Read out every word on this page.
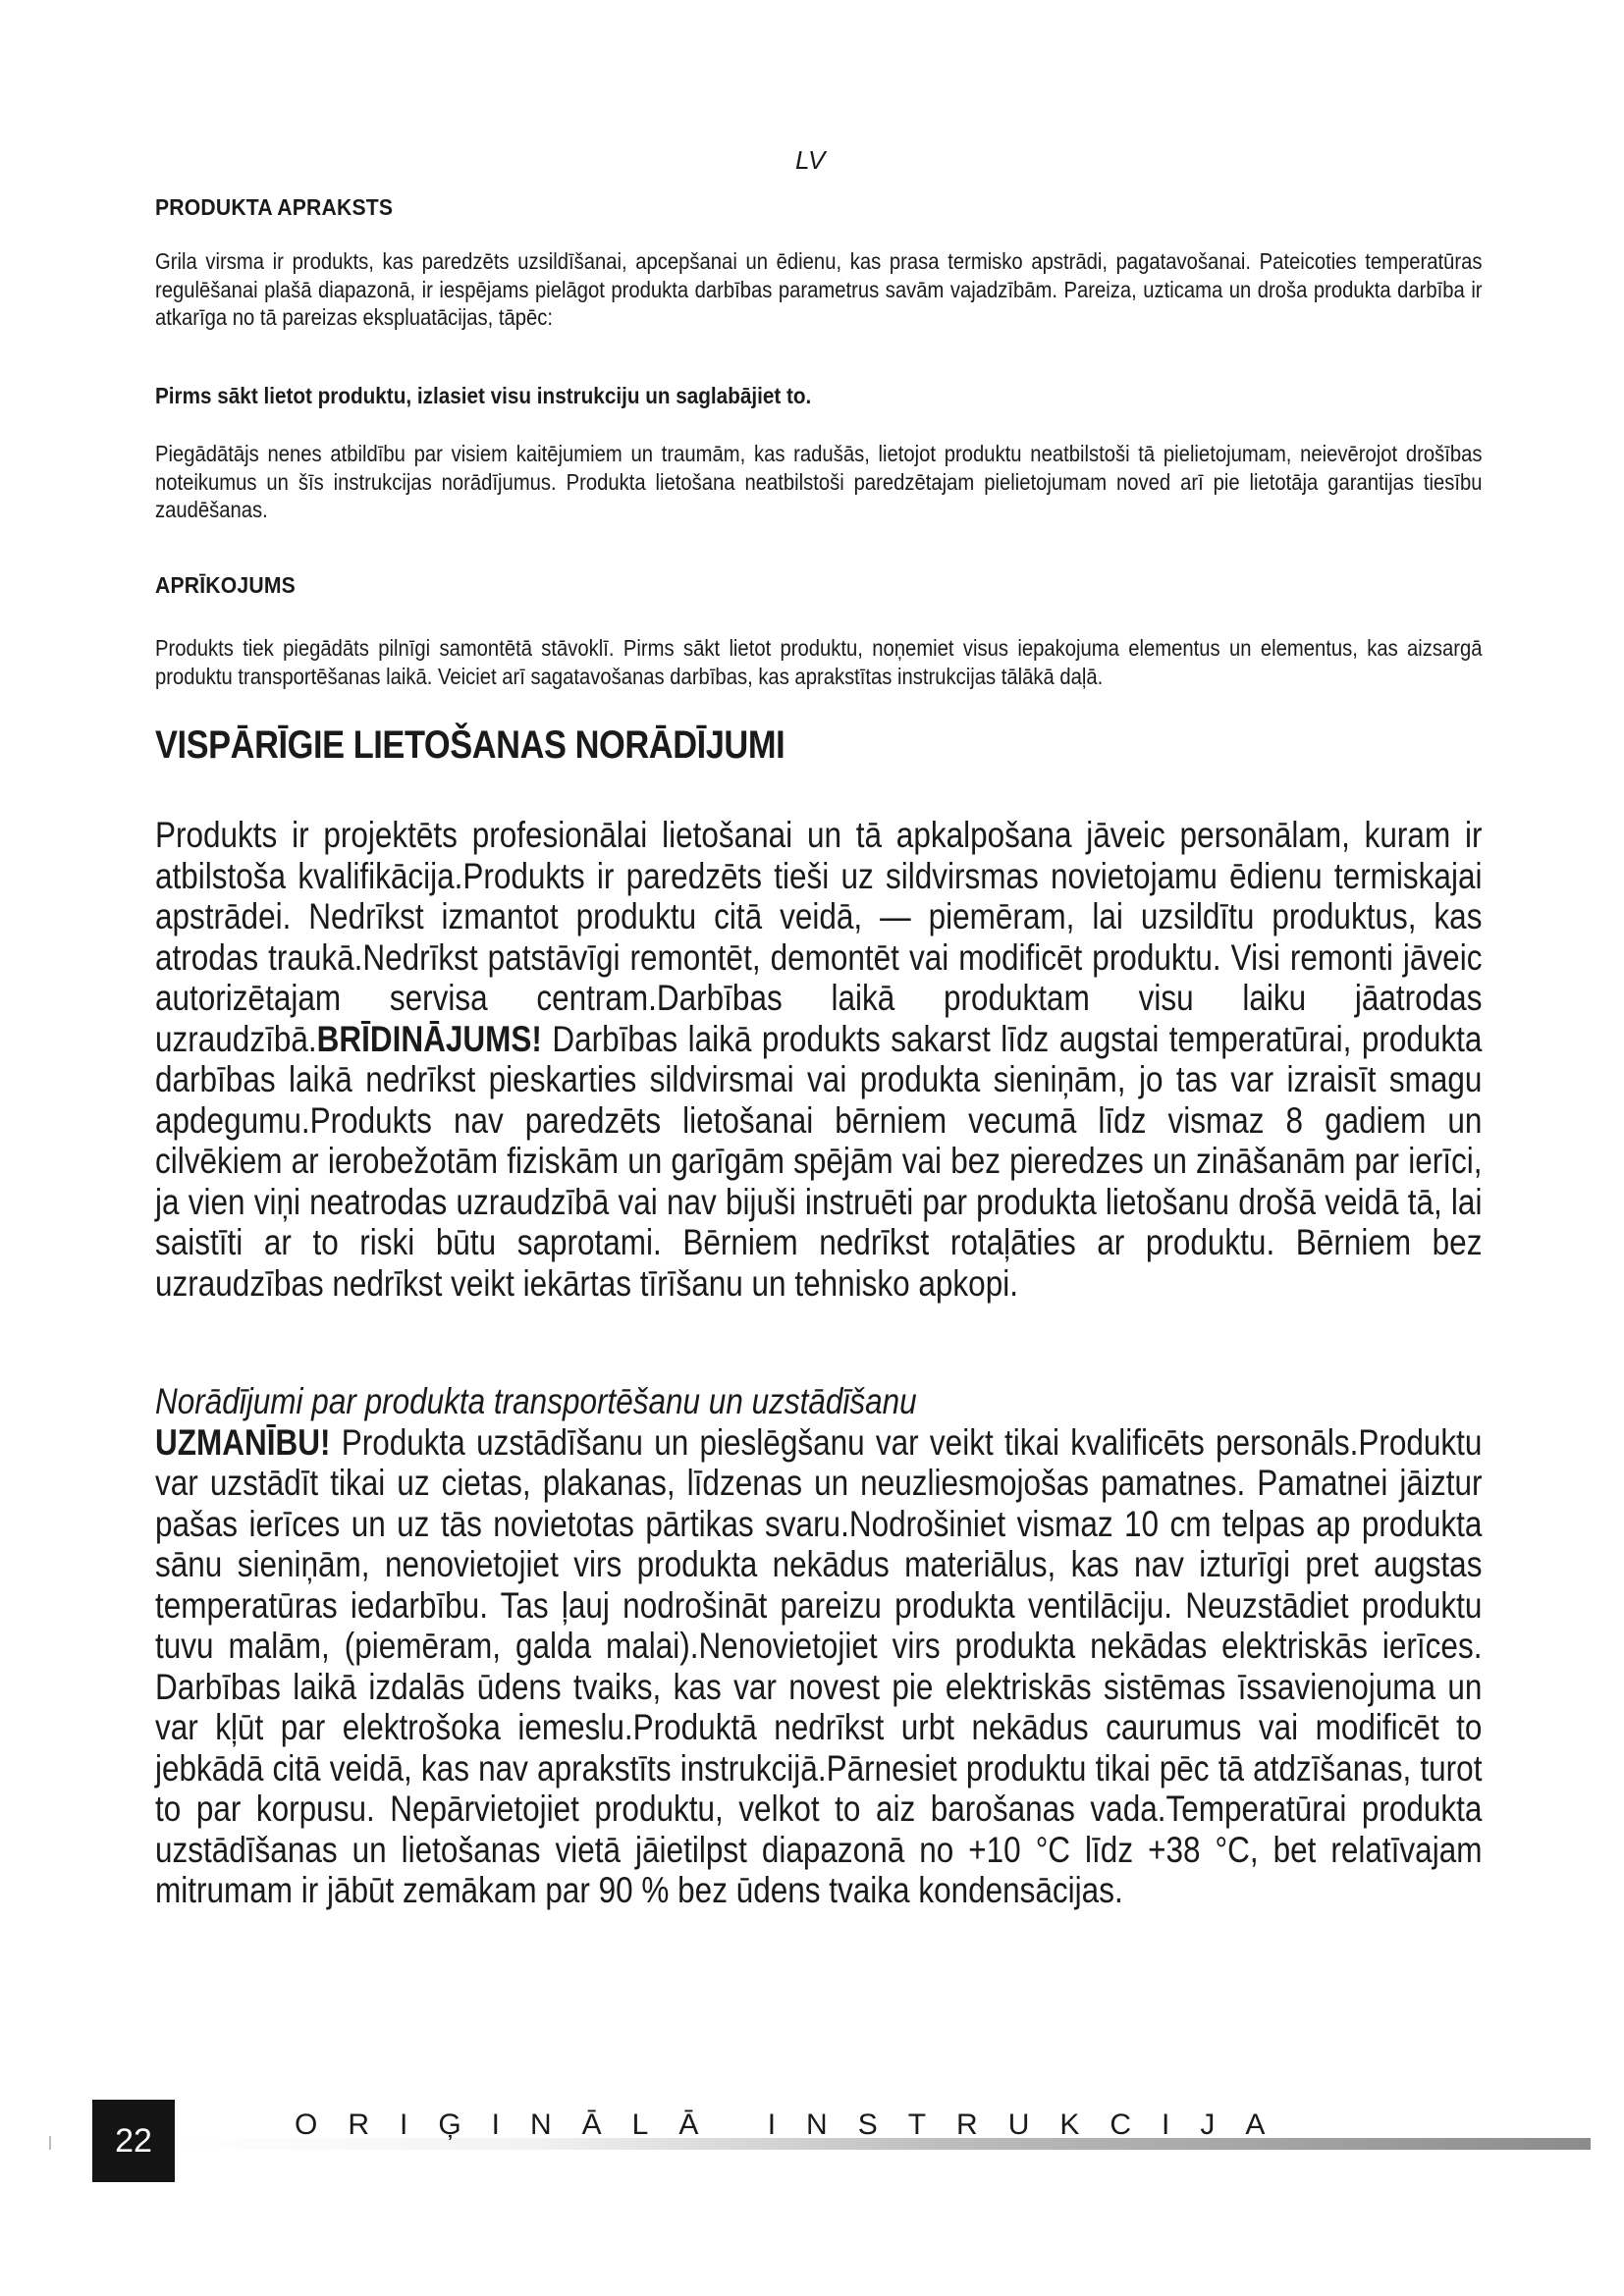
LV
PRODUKTA APRAKSTS

Grila virsma ir produkts, kas paredzēts uzsildīšanai, apcepšanai un ēdienu, kas prasa termisko apstrādi, pagatavošanai. Pateicoties temperatūras regulēšanai plašā diapazonā, ir iespējams pielāgot produkta darbības parametrus savām vajadzībām. Pareiza, uzticama un droša produkta darbība ir atkarīga no tā pareizas ekspluatācijas, tāpēc:

Pirms sākt lietot produktu, izlasiet visu instrukciju un saglabājiet to.

Piegādātājs nenes atbildību par visiem kaitējumiem un traumām, kas radušās, lietojot produktu neatbilstoši tā pielietojumam, neievērojot drošības noteikumus un šīs instrukcijas norādījumus. Produkta lietošana neatbilstoši paredzētajam pielietojumam noved arī pie lietotāja garantijas tiesību zaudēšanas.

APRĪKOJUMS

Produkts tiek piegādāts pilnīgi samontētā stāvoklī. Pirms sākt lietot produktu, noņemiet visus iepakojuma elementus un elementus, kas aizsargā produktu transportēšanas laikā. Veiciet arī sagatavošanas darbības, kas aprakstītas instrukcijas tālākā daļā.

VISPĀRĪGIE LIETOŠANAS NORĀDĪJUMI

Produkts ir projektēts profesionālai lietošanai un tā apkalpošana jāveic personālam, kuram ir atbilstoša kvalifikācija.Produkts ir paredzēts tieši uz sildvirsmas novietojamu ēdienu termiskajai apstrādei. Nedrīkst izmantot produktu citā veidā, — piemēram, lai uzsildītu produktus, kas atrodas traukā.Nedrīkst patstāvīgi remontēt, demontēt vai modificēt produktu. Visi remonti jāveic autorizētajam servisa centram.Darbības laikā produktam visu laiku jāatrodas uzraudzībā.BRĪDINĀJUMS! Darbības laikā produkts sakarst līdz augstai temperatūrai, produkta darbības laikā nedrīkst pieskarties sildvirsmai vai produkta sieniņām, jo tas var izraisīt smagu apdegumu.Produkts nav paredzēts lietošanai bērniem vecumā līdz vismaz 8 gadiem un cilvēkiem ar ierobežotām fiziskām un garīgām spējām vai bez pieredzes un zināšanām par ierīci, ja vien viņi neatrodas uzraudzībā vai nav bijuši instruēti par produkta lietošanu drošā veidā tā, lai saistīti ar to riski būtu saprotami. Bērniem nedrīkst rotaļāties ar produktu. Bērniem bez uzraudzības nedrīkst veikt iekārtas tīrīšanu un tehnisko apkopi.

Norādījumi par produkta transportēšanu un uzstādīšanu

UZMANĪBU! Produkta uzstādīšanu un pieslēgšanu var veikt tikai kvalificēts personāls.Produktu var uzstādīt tikai uz cietas, plakanas, līdzenas un neuzliesmojošas pamatnes. Pamatnei jāiztur pašas ierīces un uz tās novietotas pārtikas svaru.Nodrošiniet vismaz 10 cm telpas ap produkta sānu sieniņām, nenovietojiet virs produkta nekādus materiālus, kas nav izturīgi pret augstas temperatūras iedarbību. Tas ļauj nodrošināt pareizu produkta ventilāciju. Neuzstādiet produktu tuvu malām, (piemēram, galda malai).Nenovietojiet virs produkta nekādas elektriskās ierīces. Darbības laikā izdalās ūdens tvaiks, kas var novest pie elektriskās sistēmas īssavienojuma un var kļūt par elektrošoka iemeslu.Produktā nedrīkst urbt nekādus caurumus vai modificēt to jebkādā citā veidā, kas nav aprakstīts instrukcijā.Pārnesiet produktu tikai pēc tā atdzīšanas, turot to par korpusu. Nepārvietojiet produktu, velkot to aiz barošanas vada.Temperatūrai produkta uzstādīšanas un lietošanas vietā jāietilpst diapazonā no +10 °C līdz +38 °C, bet relatīvajam mitrumam ir jābūt zemākam par 90 % bez ūdens tvaika kondensācijas.

22	ORIĢINĀLĀ INSTRUKCIJA
